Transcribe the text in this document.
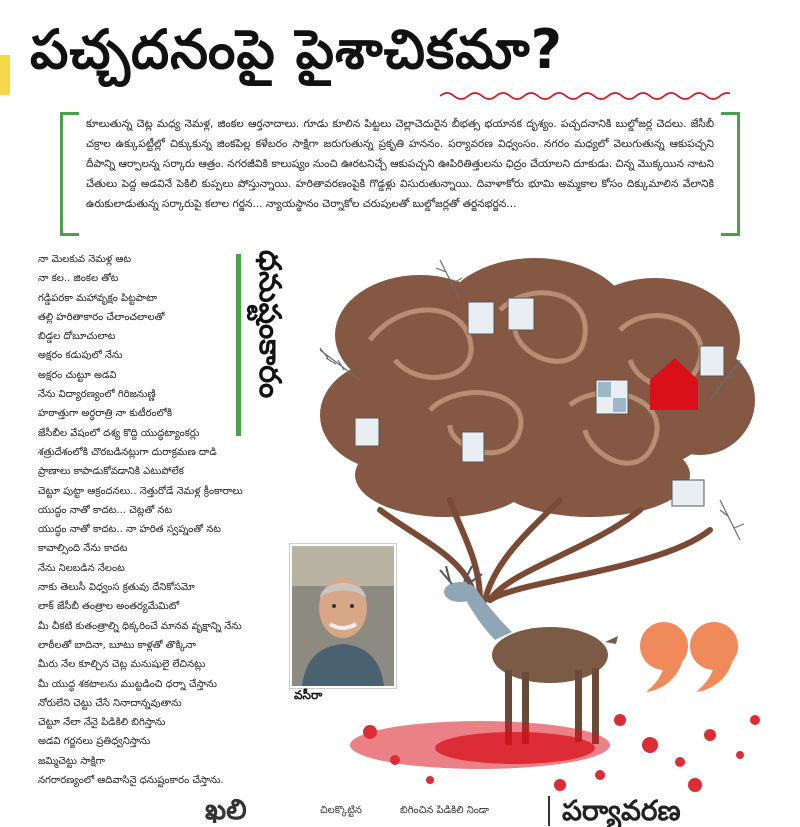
పచ్చదనంపై పైశాచికమా?
కూలుతున్న చెట్ల మధ్య నెమళ్ల, జింకల ఆర్తనాదాలు. గూడు కూలిన పిట్టలు చెల్లాచెదురైన బీభత్స భయానక దృశ్యం. పచ్చదనానికి బుల్డోజర్ల చెదలు. జేసీబీ చక్రాల ఉక్కుపట్టీల్లో చిక్కుకున్న జింకపిల్ల కళేబరం సాక్షిగా జరుగుతున్న ప్రకృతి హననం. పర్యావరణ విధ్వంసం. నగరం మధ్యలో వెలుగుతున్న ఆకుపచ్చని దీపాన్ని ఆర్పాలన్న సర్కారు ఆత్రం. నగరజీవికి కాలుష్యం నుంచి ఊరటనిచ్చే ఆకుపచ్చని ఊపిరితిత్తులను ఛిద్రం చేయాలని దూకుడు. చిన్న మొక్కయిన నాటని చేతులు పెద్ద అడవినే పెకిలి కుప్పలు పోస్తున్నాయి. హరితావరణంపైకి గొడ్డళ్లు విసురుతున్నాయి. దివాళాకోరు భూమి అమ్మకాల కోసం దిక్కుమాలిన వేలానికి ఉరుకులాడుతున్న సర్కారుపై కలాల గర్జన... న్యాయస్థానం చెర్నాకోల చరుపులతో బుల్డోజర్లతో తర్జనభర్జన...
నా మెలకువ నెమళ్ల ఆట
నా కల.. జింకల తోట
గడ్డిపరకా మహావృక్షం పిట్టపాటా
తల్లి హరితాకారం చేలాంచలాలతో
బిడ్డల దోబూచులాట
అక్షరం కడుపులో నేను
అక్షరం చుట్టూ అడవి
నేను విద్యారణ్యంలో గిరిజనుణ్ణి
హఠాత్తుగా అర్ధరాత్రి నా కుటీరంలోకి
జేసీబీల వేషంలో దశ్య కొద్ది యుద్ధట్యాంకర్లు
శత్రుదేశంలోకి చొరబడినట్లుగా దురాక్రమణ దాడి
ప్రాణాలు కాపాడుకోవడానికి ఎటుపోలేక
చెట్టూ పుట్టా ఆక్రందనలు.. నెత్తురోడే నెమళ్ల క్రీంకారాలు
యుద్ధం నాతో కాదట... చెట్లతో నట
యుద్ధం నాతో కాదట.. నా హరిత స్వప్నంతో నట
కావాల్సింది నేను కాదట
నేను నిలబడిన నేలంట
నాకు తెలుసీ విధ్వంస క్రతువు దేనికోసమో
లాక్ జేసీబీ తంత్రాల అంతర్యమేమిటో
మీ చీకటి కుతంత్రాల్ని ధిక్కరించే మానవ వృక్షాన్ని నేను
లాఠీలతో బాదినా, బూటు కాళ్లతో తొక్కినా
మీరు నేల కూల్చిన చెట్ల మనుషులై లేచినట్లు
మీ యుద్ధ శకటాలను ముట్టడించి ధర్నా చేస్తాను
నోరులేని చెట్టు చేసే నినాదాన్నవుతాను
చెట్టూ నేలా నేనై పిడికిలి బిగిస్తాను
అడవి గర్జనలు ప్రతిధ్వనిస్తాను
జమ్మిచెట్టు సాక్షిగా
నగరారణ్యంలో ఆదివాసినై ధనుష్టంకారం చేస్తాను.
ధనుష్టంకారం
వసీరా
ఖలి	చిలక్కొట్టిన	బిగించిన పిడికిలి నిండా	పర్యావరణ
